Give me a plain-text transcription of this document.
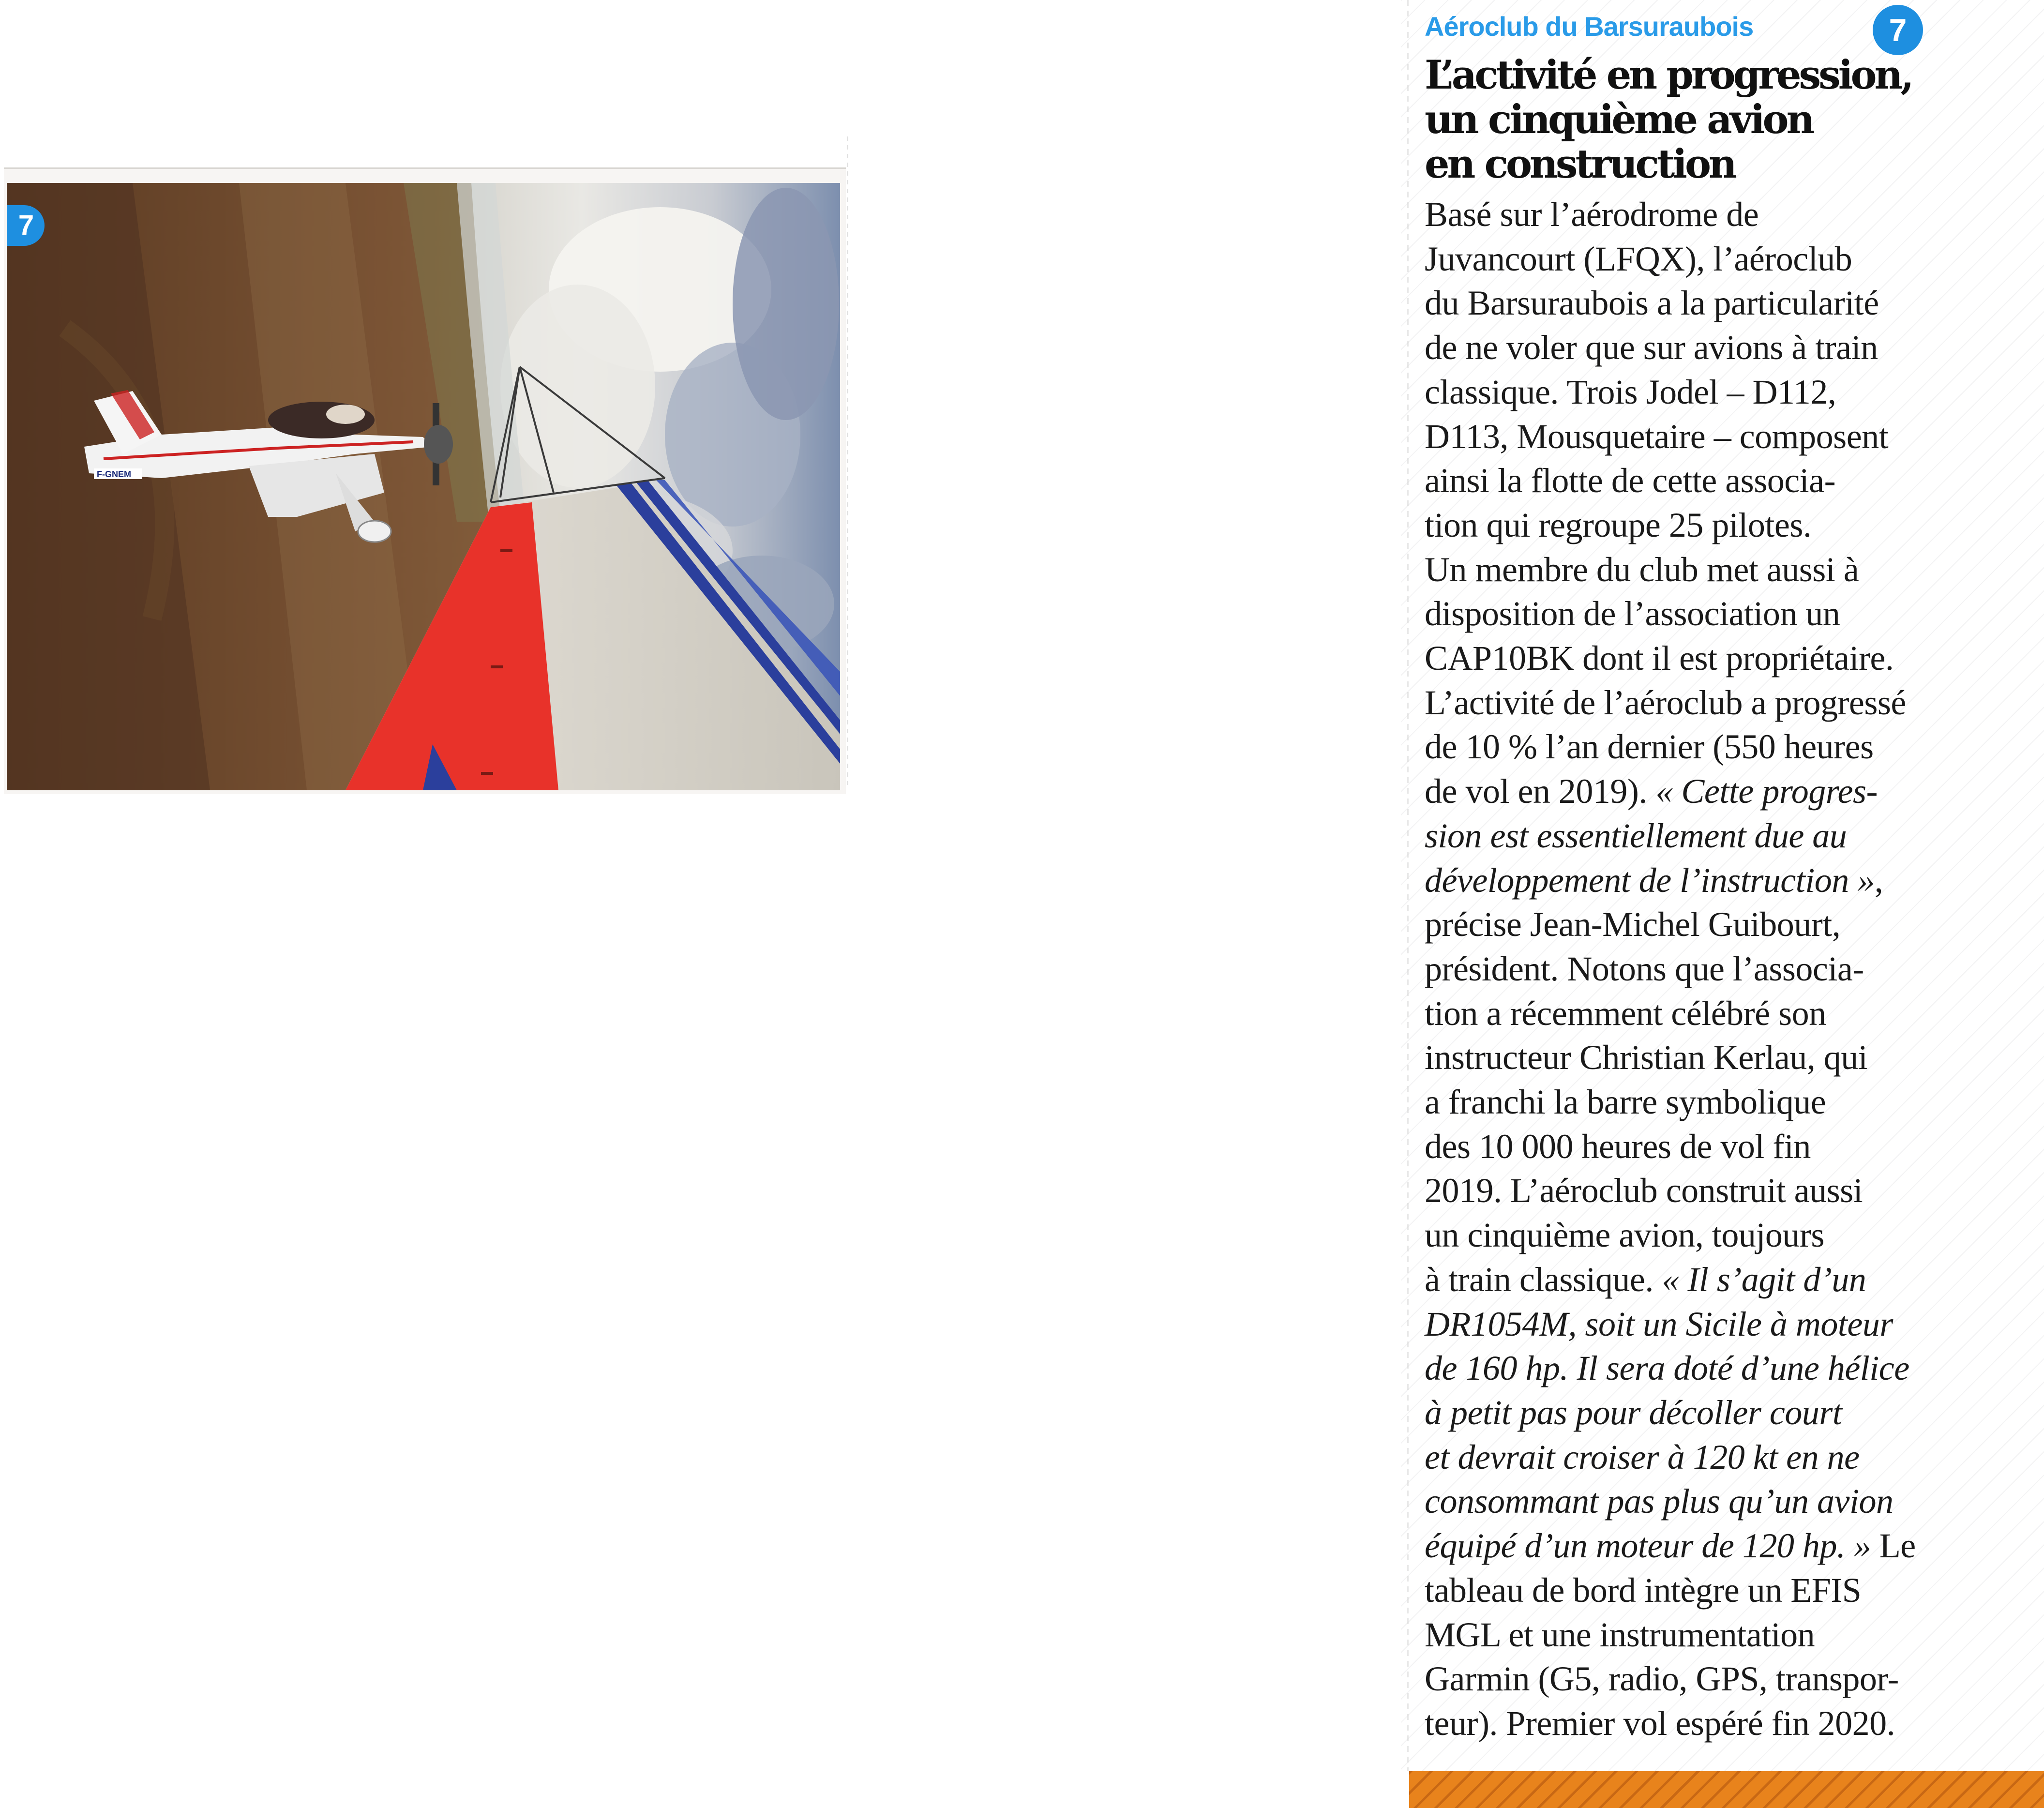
F-GNEM
7
Aéroclub du Barsuraubois	7
L’activité en progression,
un cinquième avion
en construction
Basé sur l’aérodrome de
Juvancourt (LFQX), l’aéroclub
du Barsuraubois a la particularité
de ne voler que sur avions à train
classique. Trois Jodel – D112,
D113, Mousquetaire – composent
ainsi la flotte de cette associa-
tion qui regroupe 25 pilotes.
Un membre du club met aussi à
disposition de l’association un
CAP10BK dont il est propriétaire.
L’activité de l’aéroclub a progressé
de 10 % l’an dernier (550 heures
de vol en 2019). « Cette progres-
sion est essentiellement due au
développement de l’instruction »,
précise Jean-Michel Guibourt,
président. Notons que l’associa-
tion a récemment célébré son
instructeur Christian Kerlau, qui
a franchi la barre symbolique
des 10 000 heures de vol fin
2019. L’aéroclub construit aussi
un cinquième avion, toujours
à train classique. « Il s’agit d’un
DR1054M, soit un Sicile à moteur
de 160 hp. Il sera doté d’une hélice
à petit pas pour décoller court
et devrait croiser à 120 kt en ne
consommant pas plus qu’un avion
équipé d’un moteur de 120 hp. » Le
tableau de bord intègre un EFIS
MGL et une instrumentation
Garmin (G5, radio, GPS, transpor-
teur). Premier vol espéré fin 2020.
